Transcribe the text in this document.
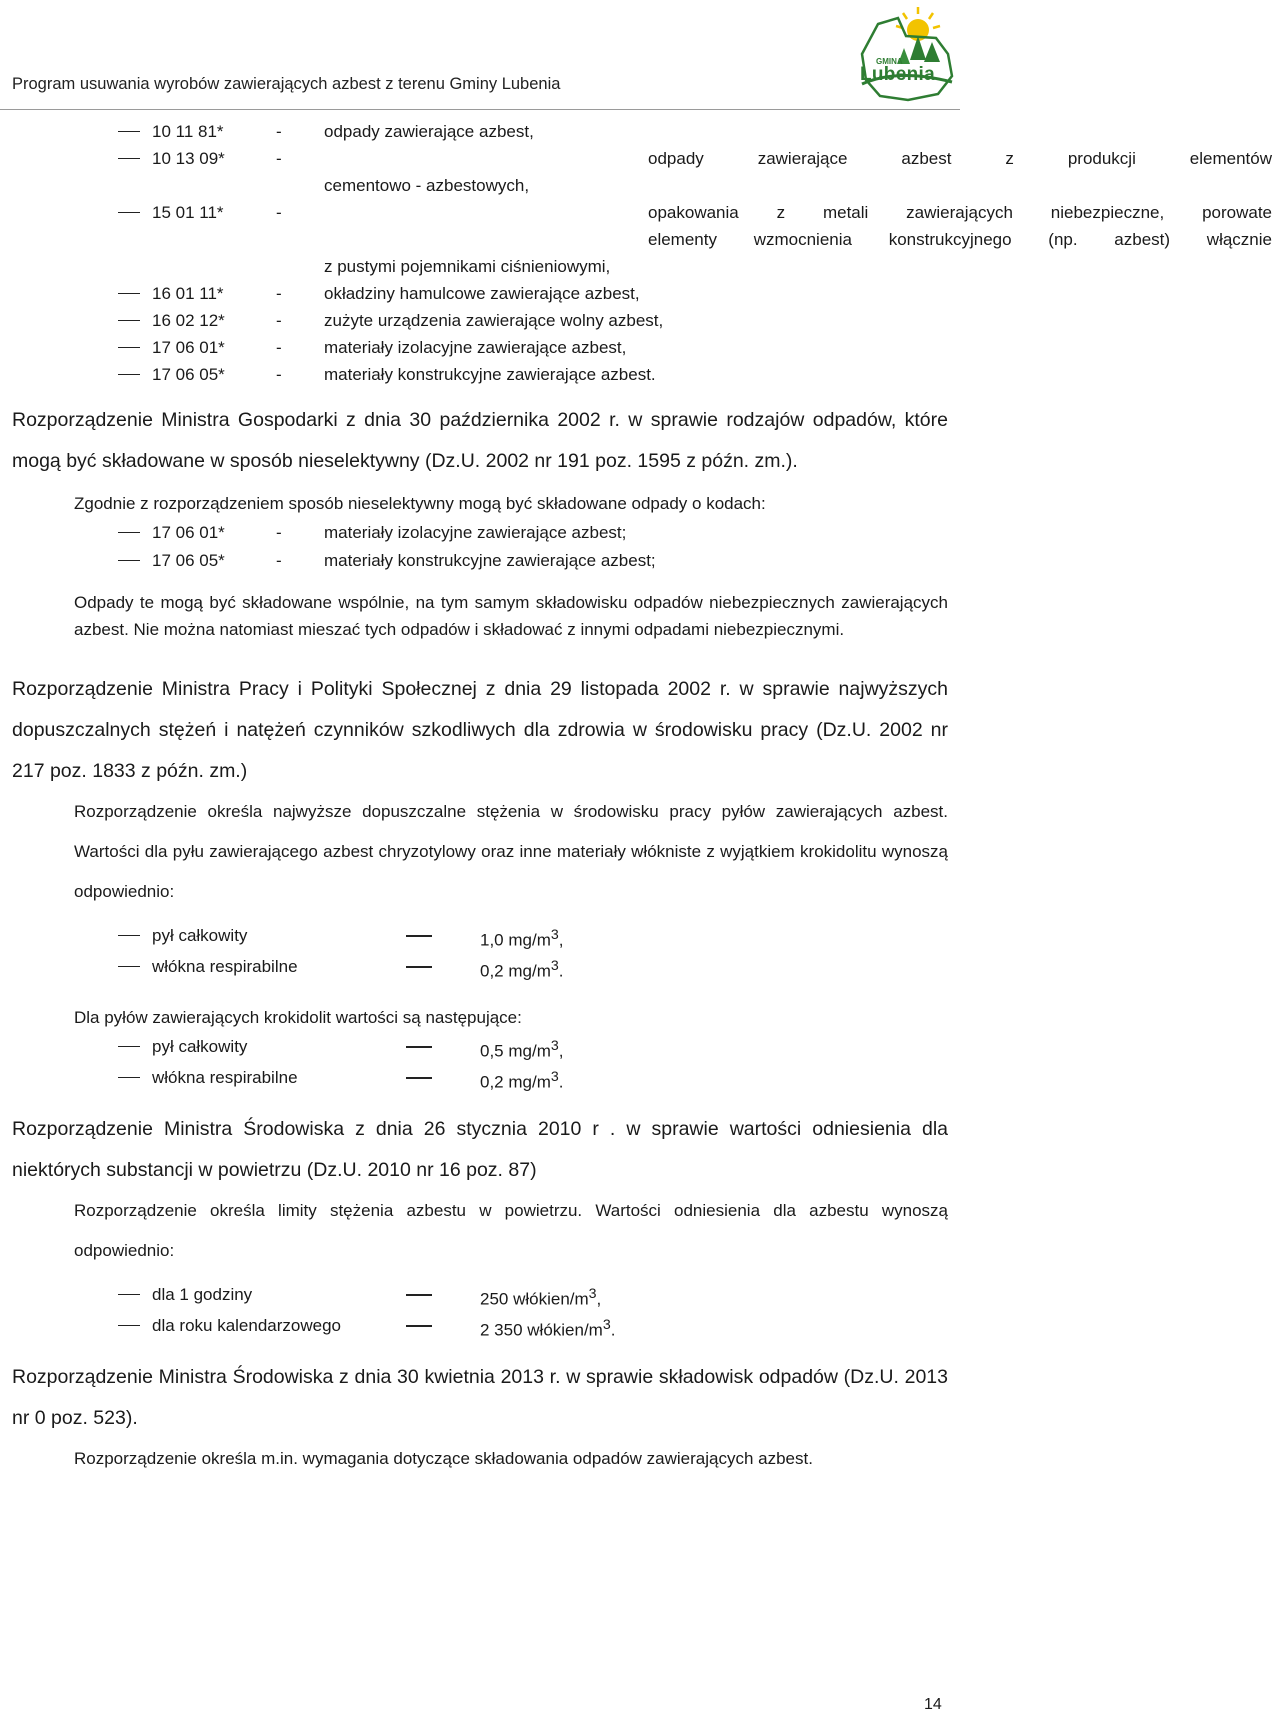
Program usuwania wyrobów zawierających azbest z terenu Gminy Lubenia
GMINA
Lubenia
10 11 81*	- odpady zawierające azbest,
10 13 09*	-	odpady zawierające azbest z produkcji elementów
cementowo - azbestowych,
15 01 11*	-	opakowania z metali zawierających niebezpieczne, porowate
elementy wzmocnienia konstrukcyjnego (np. azbest) włącznie
z pustymi pojemnikami ciśnieniowymi,
16 01 11*	- okładziny hamulcowe zawierające azbest,
16 02 12*	- zużyte urządzenia zawierające wolny azbest,
17 06 01*	- materiały izolacyjne zawierające azbest,
17 06 05*	- materiały konstrukcyjne zawierające azbest.
Rozporządzenie Ministra Gospodarki z dnia 30 października 2002 r. w sprawie rodzajów odpadów, które mogą być składowane w sposób nieselektywny (Dz.U. 2002 nr 191 poz. 1595 z późn. zm.).

Zgodnie z rozporządzeniem sposób nieselektywny mogą być składowane odpady o kodach:

17 06 01*	- materiały izolacyjne zawierające azbest;
17 06 05*	- materiały konstrukcyjne zawierające azbest;

Odpady te mogą być składowane wspólnie, na tym samym składowisku odpadów niebezpiecznych zawierających azbest. Nie można natomiast mieszać tych odpadów i składować z innymi odpadami niebezpiecznymi.

Rozporządzenie Ministra Pracy i Polityki Społecznej z dnia 29 listopada 2002 r. w sprawie najwyższych dopuszczalnych stężeń i natężeń czynników szkodliwych dla zdrowia w środowisku pracy (Dz.U. 2002 nr 217 poz. 1833 z późn. zm.)

Rozporządzenie określa najwyższe dopuszczalne stężenia w środowisku pracy pyłów zawierających azbest. Wartości dla pyłu zawierającego azbest chryzotylowy oraz inne materiały włókniste z wyjątkiem krokidolitu wynoszą odpowiednio:

pył całkowity	1,0 $mg/m^3$,
włókna respirabilne	0,2 $mg/m^3$.

Dla pyłów zawierających krokidolit wartości są następujące:

pył całkowity	0,5 $mg/m^3$,
włókna respirabilne	0,2 $mg/m^3$.
Rozporządzenie Ministra Środowiska z dnia 26 stycznia 2010 r . w sprawie wartości odniesienia dla niektórych substancji w powietrzu (Dz.U. 2010 nr 16 poz. 87)

Rozporządzenie określa limity stężenia azbestu w powietrzu. Wartości odniesienia dla azbestu wynoszą odpowiednio:

dla 1 godziny	250 włókien/$m^3$,
dla roku kalendarzowego	2 350 włókien/$m^3$.
Rozporządzenie Ministra Środowiska z dnia 30 kwietnia 2013 r. w sprawie składowisk odpadów (Dz.U. 2013 nr 0 poz. 523).

Rozporządzenie określa m.in. wymagania dotyczące składowania odpadów zawierających azbest.

14
